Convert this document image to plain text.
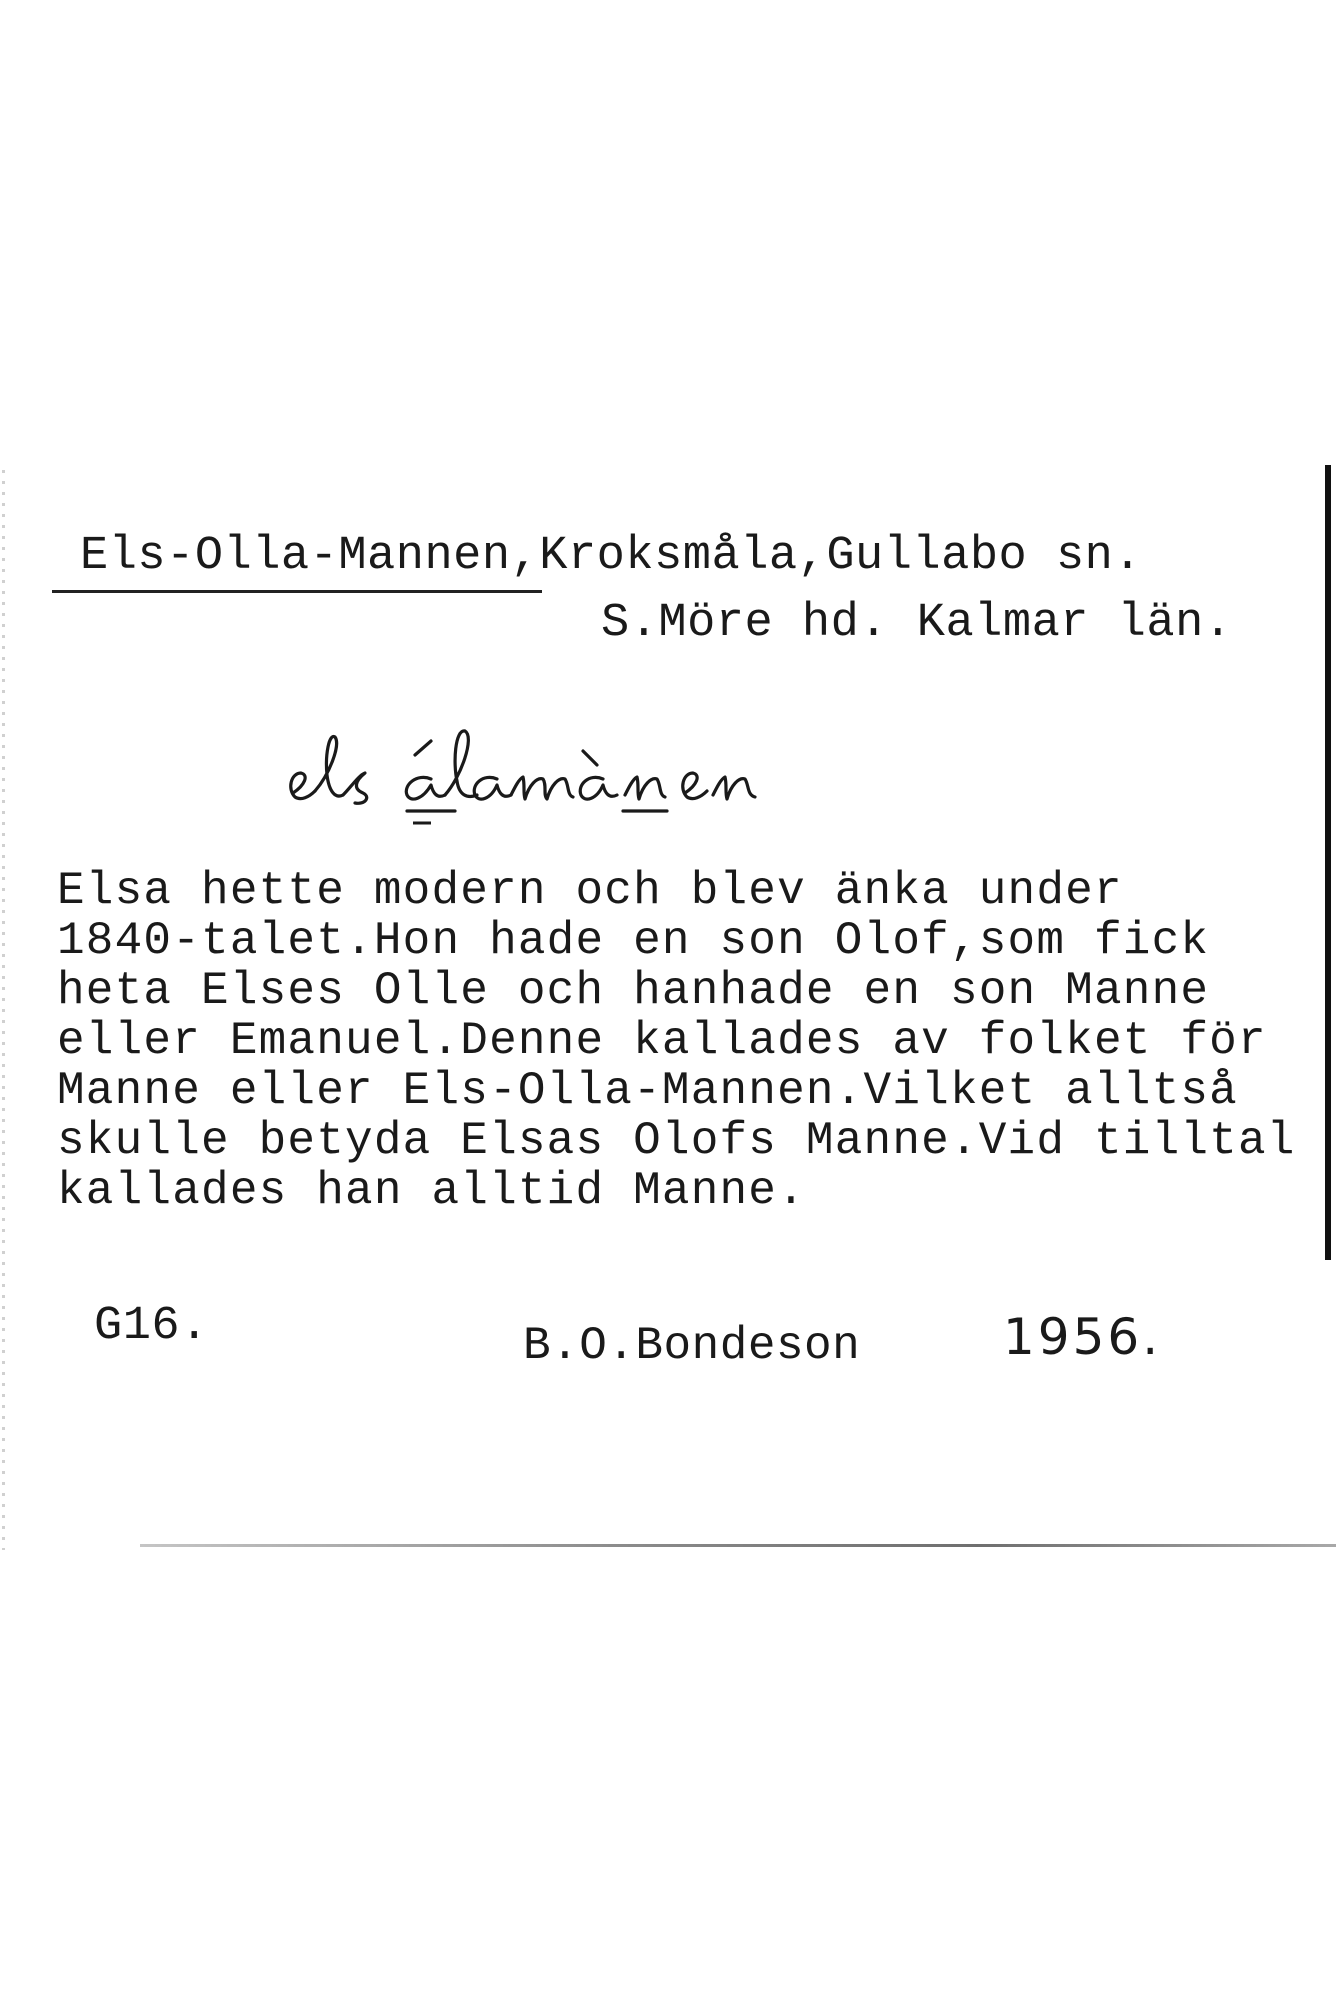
Els-Olla-Mannen,Kroksmåla,Gullabo sn.
S.Möre hd. Kalmar län.
Elsa hette modern och blev änka under
1840-talet.Hon hade en son Olof,som fick
heta Elses Olle och hanhade en son Manne
eller Emanuel.Denne kallades av folket för
Manne eller Els-Olla-Mannen.Vilket alltså
skulle betyda Elsas Olofs Manne.Vid tilltal
kallades han alltid Manne.
G16.	B.O.Bondeson	1956.
